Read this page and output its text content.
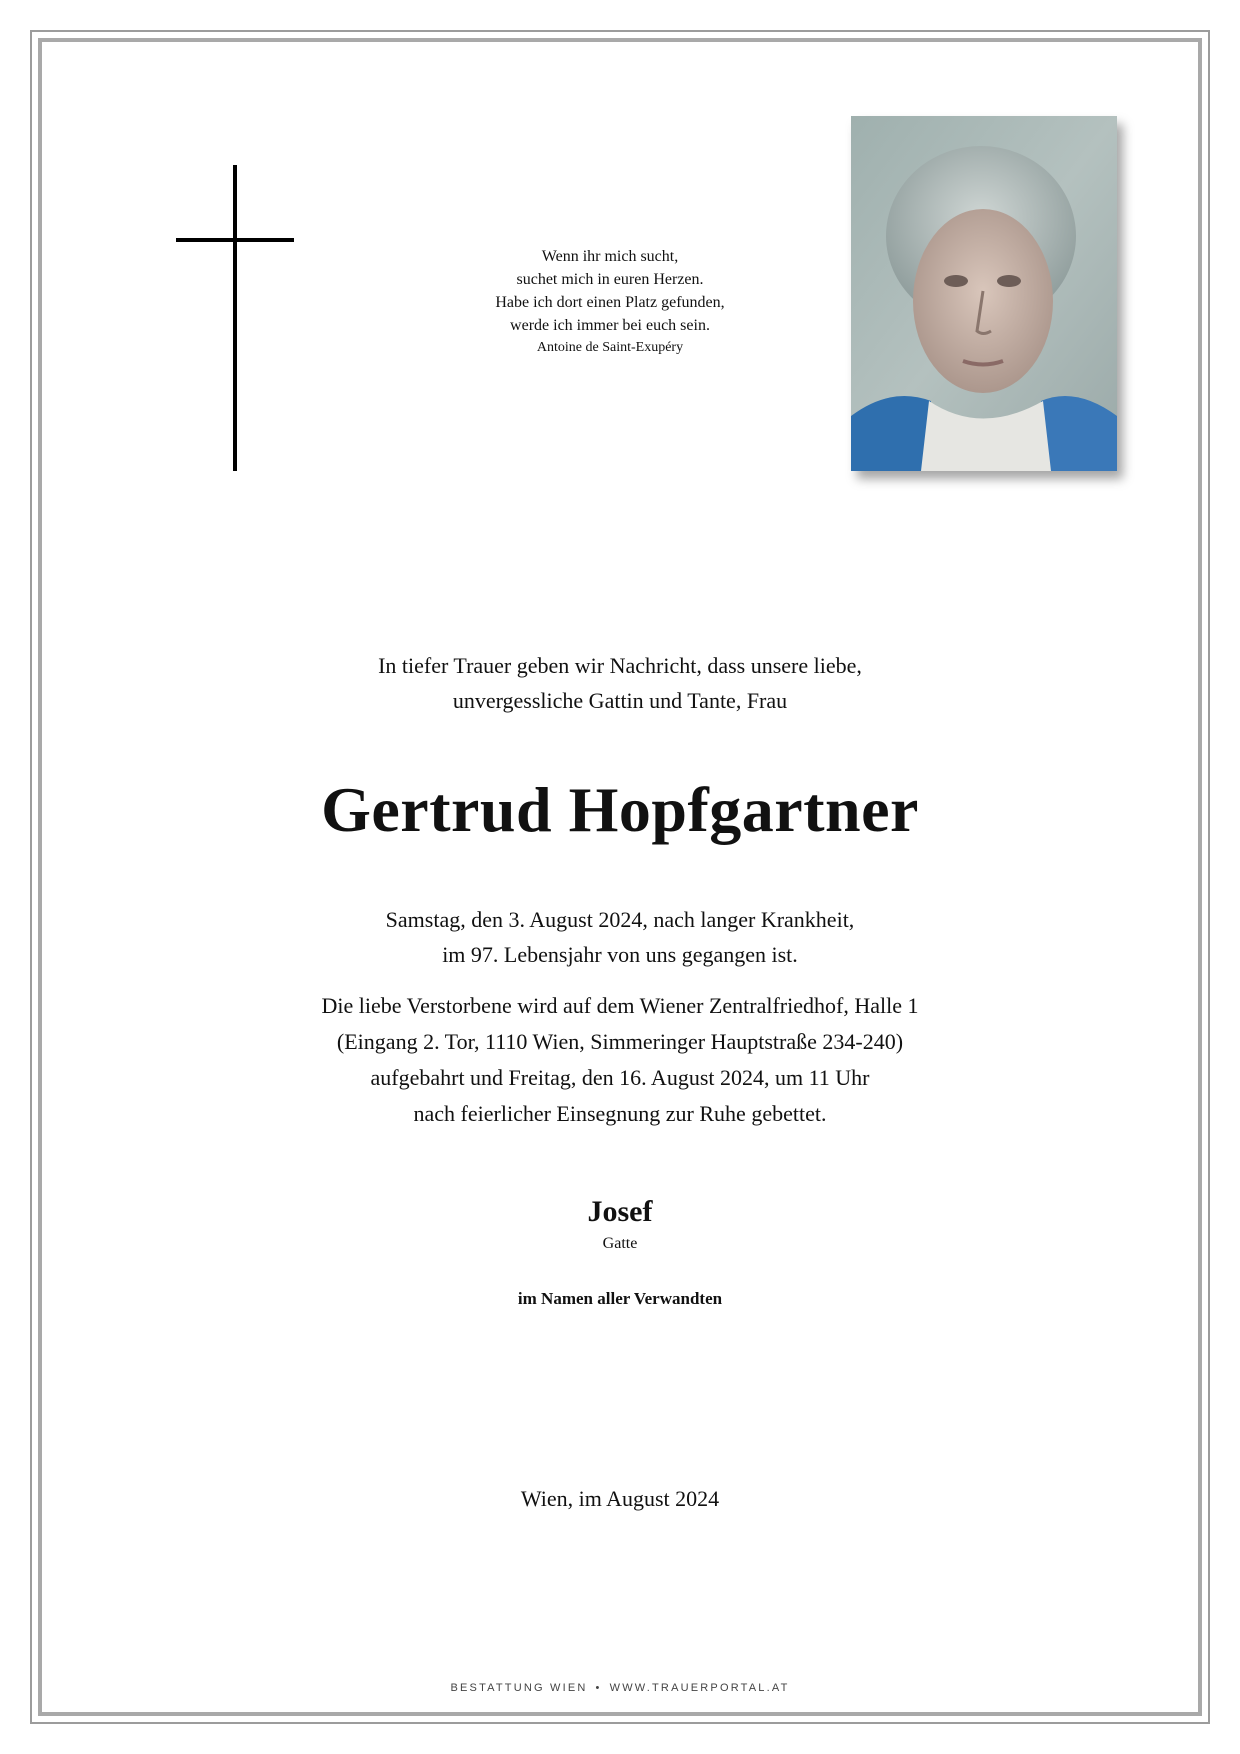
Wenn ihr mich sucht,
suchet mich in euren Herzen.
Habe ich dort einen Platz gefunden,
werde ich immer bei euch sein.
Antoine de Saint-Exupéry
In tiefer Trauer geben wir Nachricht, dass unsere liebe,
unvergessliche Gattin und Tante, Frau
Gertrud Hopfgartner
Samstag, den 3. August 2024, nach langer Krankheit,
im 97. Lebensjahr von uns gegangen ist.
Die liebe Verstorbene wird auf dem Wiener Zentralfriedhof, Halle 1
(Eingang 2. Tor, 1110 Wien, Simmeringer Hauptstraße 234-240)
aufgebahrt und Freitag, den 16. August 2024, um 11 Uhr
nach feierlicher Einsegnung zur Ruhe gebettet.
Josef
Gatte
im Namen aller Verwandten
Wien, im August 2024
BESTATTUNG WIEN • WWW.TRAUERPORTAL.AT
